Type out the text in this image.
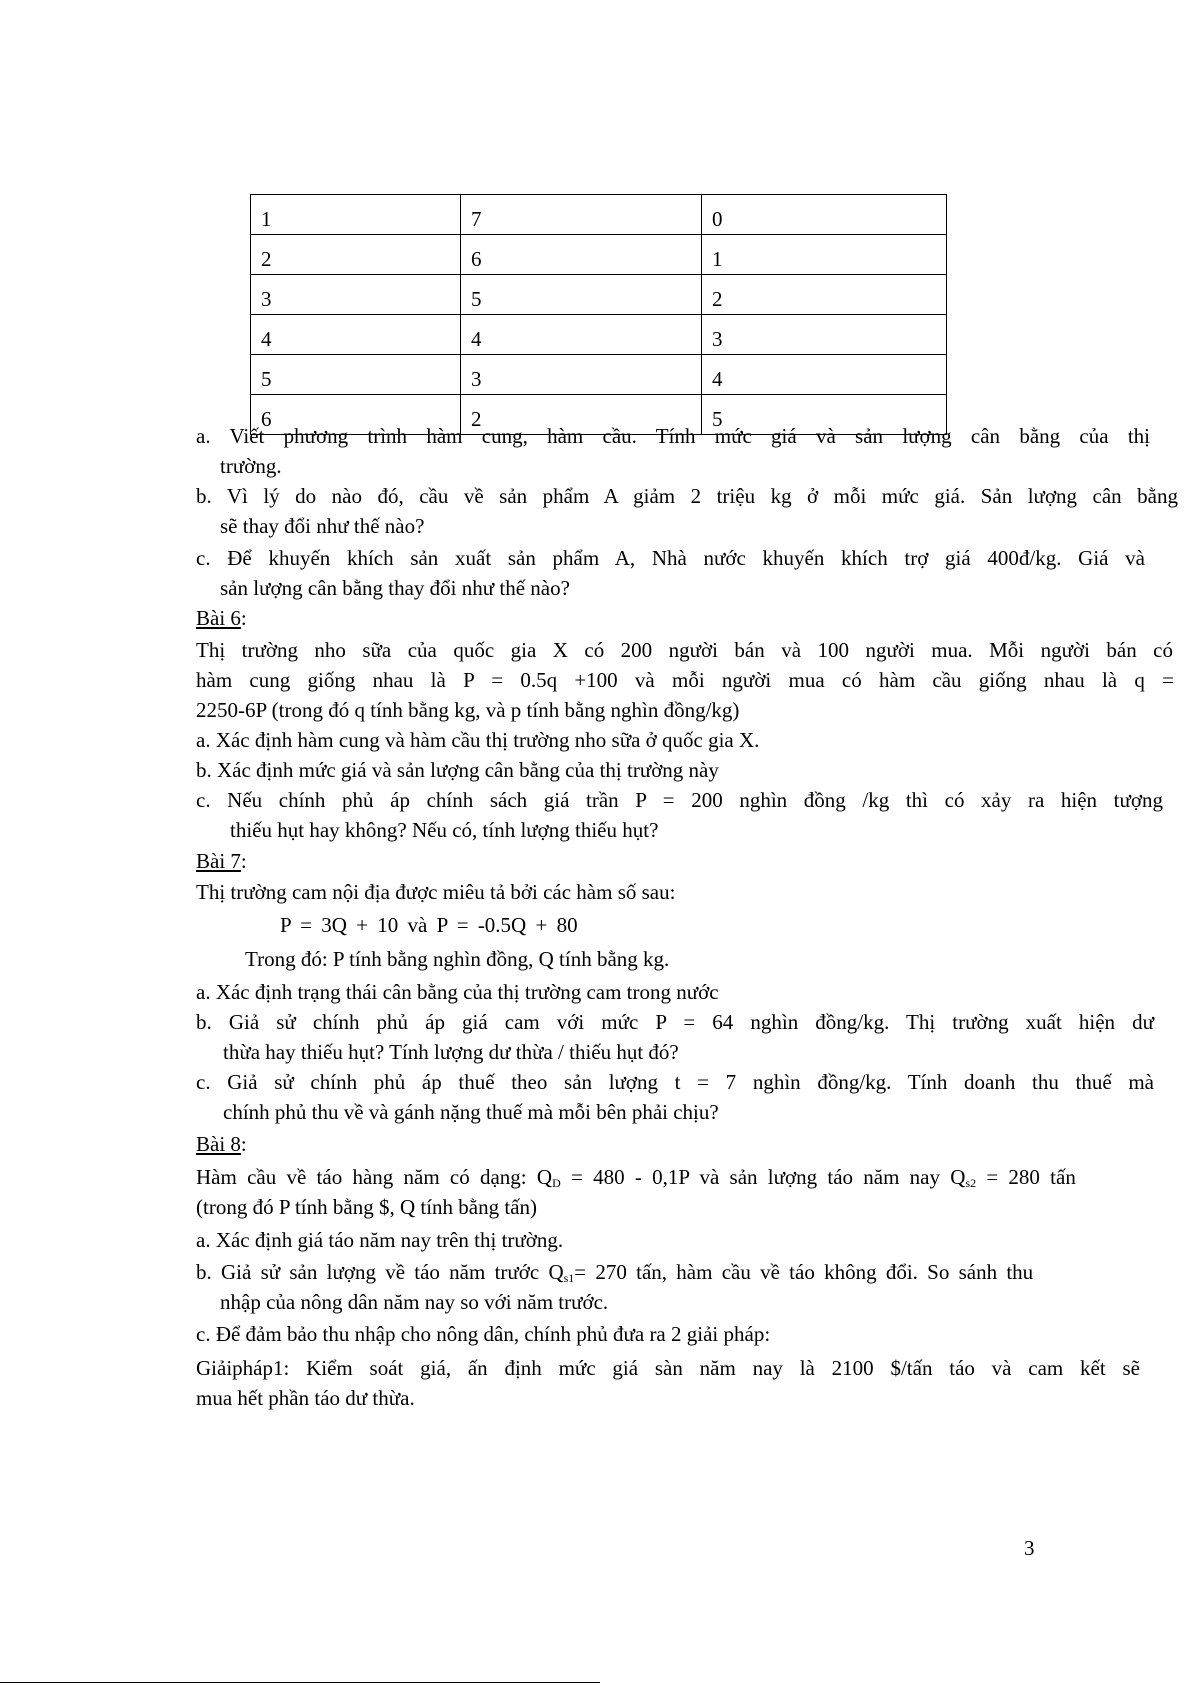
1	7	0
2	6	1
3	5	2
4	4	3
5	3	4
6	2	5
a. Viết phương trình hàm cung, hàm cầu. Tính mức giá và sản lượng cân bằng của thị
trường.
b. Vì lý do nào đó, cầu về sản phẩm A giảm 2 triệu kg ở mỗi mức giá. Sản lượng cân bằng
sẽ thay đổi như thế nào?
c. Để khuyến khích sản xuất sản phẩm A, Nhà nước khuyến khích trợ giá 400đ/kg. Giá và
sản lượng cân bằng thay đổi như thế nào?
Bài 6:
Thị trường nho sữa của quốc gia X có 200 người bán và 100 người mua. Mỗi người bán có
hàm cung giống nhau là P = 0.5q +100 và mỗi người mua có hàm cầu giống nhau là q =
2250-6P (trong đó q tính bằng kg, và p tính bằng nghìn đồng/kg)
a. Xác định hàm cung và hàm cầu thị trường nho sữa ở quốc gia X.
b. Xác định mức giá và sản lượng cân bằng của thị trường này
c. Nếu chính phủ áp chính sách giá trần P = 200 nghìn đồng /kg thì có xảy ra hiện tượng
thiếu hụt hay không? Nếu có, tính lượng thiếu hụt?
Bài 7:
Thị trường cam nội địa được miêu tả bởi các hàm số sau:
P = 3Q + 10 và P = -0.5Q + 80
Trong đó: P tính bằng nghìn đồng, Q tính bằng kg.
a. Xác định trạng thái cân bằng của thị trường cam trong nước
b. Giả sử chính phủ áp giá cam với mức P = 64 nghìn đồng/kg. Thị trường xuất hiện dư
thừa hay thiếu hụt? Tính lượng dư thừa / thiếu hụt đó?
c. Giả sử chính phủ áp thuế theo sản lượng t = 7 nghìn đồng/kg. Tính doanh thu thuế mà
chính phủ thu về và gánh nặng thuế mà mỗi bên phải chịu?
Bài 8:
Hàm cầu về táo hàng năm có dạng: $Q_D = 480 - 0,1P$ và sản lượng táo năm nay $Q_{s2} = 280$ tấn
(trong đó P tính bằng $, Q tính bằng tấn)
a. Xác định giá táo năm nay trên thị trường.
b. Giả sử sản lượng về táo năm trước $Q_{s1}= 270$ tấn, hàm cầu về táo không đổi. So sánh thu
nhập của nông dân năm nay so với năm trước.
c. Để đảm bảo thu nhập cho nông dân, chính phủ đưa ra 2 giải pháp:
Giảipháp1: Kiểm soát giá, ấn định mức giá sàn năm nay là 2100 $/tấn táo và cam kết sẽ
mua hết phần táo dư thừa.
3
